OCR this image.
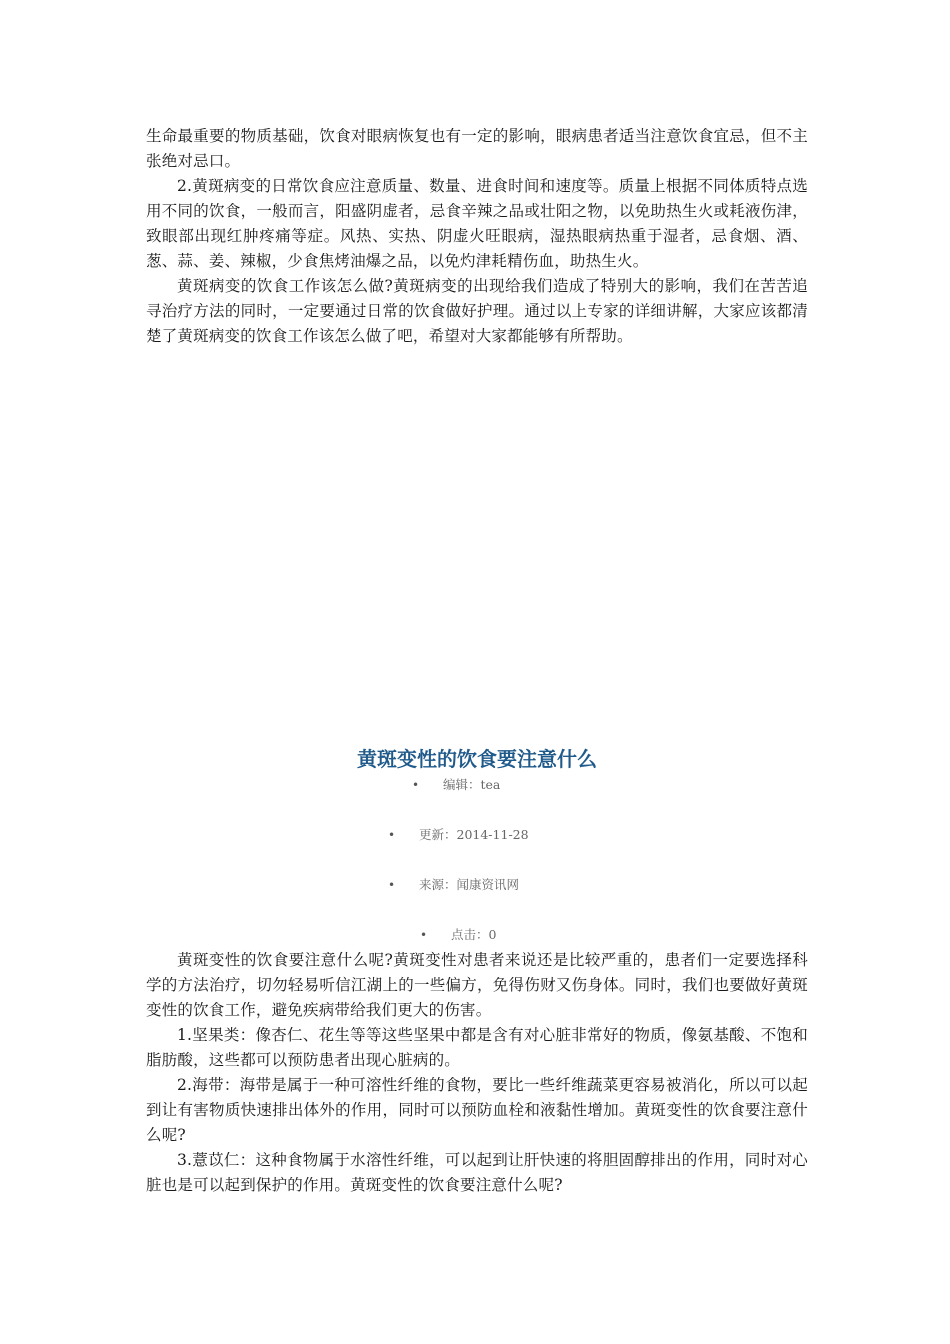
生命最重要的物质基础，饮食对眼病恢复也有一定的影响，眼病患者适当注意饮食宜忌，但不主张绝对忌口。

2.黄斑病变的日常饮食应注意质量、数量、进食时间和速度等。质量上根据不同体质特点选用不同的饮食，一般而言，阳盛阴虚者，忌食辛辣之品或壮阳之物，以免助热生火或耗液伤津，致眼部出现红肿疼痛等症。风热、实热、阴虚火旺眼病，湿热眼病热重于湿者，忌食烟、酒、葱、蒜、姜、辣椒，少食焦烤油爆之品，以免灼津耗精伤血，助热生火。

黄斑病变的饮食工作该怎么做?黄斑病变的出现给我们造成了特别大的影响，我们在苦苦追寻治疗方法的同时，一定要通过日常的饮食做好护理。通过以上专家的详细讲解，大家应该都清楚了黄斑病变的饮食工作该怎么做了吧，希望对大家都能够有所帮助。

黄斑变性的饮食要注意什么
• 编辑：tea
• 更新：2014-11-28
• 来源：闻康资讯网
• 点击：0

黄斑变性的饮食要注意什么呢?黄斑变性对患者来说还是比较严重的，患者们一定要选择科学的方法治疗，切勿轻易听信江湖上的一些偏方，免得伤财又伤身体。同时，我们也要做好黄斑变性的饮食工作，避免疾病带给我们更大的伤害。

1.坚果类：像杏仁、花生等等这些坚果中都是含有对心脏非常好的物质，像氨基酸、不饱和脂肪酸，这些都可以预防患者出现心脏病的。

2.海带：海带是属于一种可溶性纤维的食物，要比一些纤维蔬菜更容易被消化，所以可以起到让有害物质快速排出体外的作用，同时可以预防血栓和液黏性增加。黄斑变性的饮食要注意什么呢?

3.薏苡仁：这种食物属于水溶性纤维，可以起到让肝快速的将胆固醇排出的作用，同时对心脏也是可以起到保护的作用。黄斑变性的饮食要注意什么呢?
